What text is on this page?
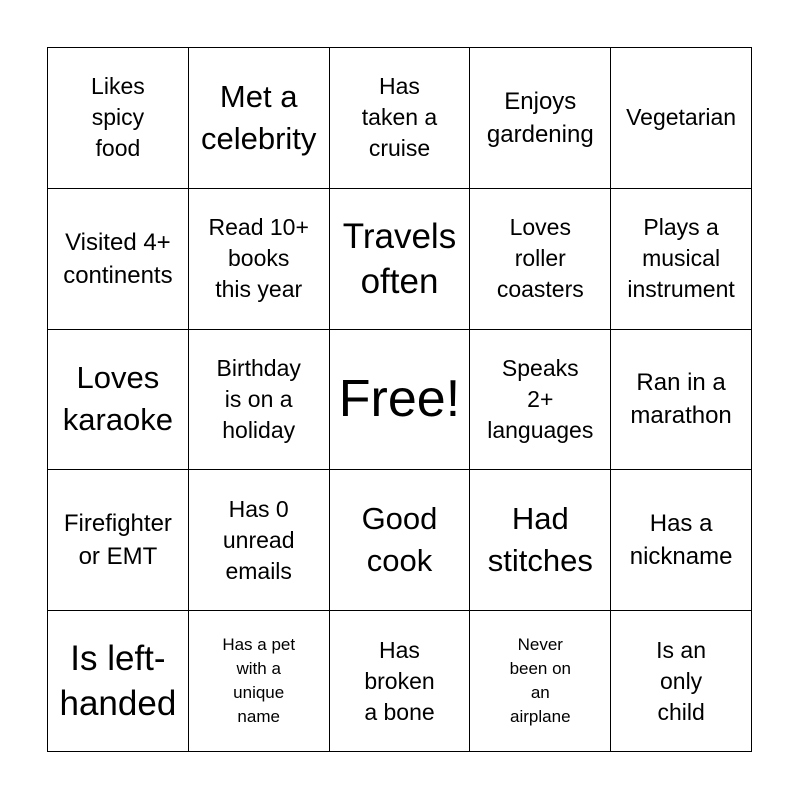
Likes
spicy
food
Met a
celebrity
Has
taken a
cruise
Enjoys
gardening
Vegetarian
Visited 4+
continents
Read 10+
books
this year
Travels
often
Loves
roller
coasters
Plays a
musical
instrument
Loves
karaoke
Birthday
is on a
holiday
Free!
Speaks
2+
languages
Ran in a
marathon
Firefighter
or EMT
Has 0
unread
emails
Good
cook
Had
stitches
Has a
nickname
Is left-
handed
Has a pet
with a
unique
name
Has
broken
a bone
Never
been on
an
airplane
Is an
only
child
